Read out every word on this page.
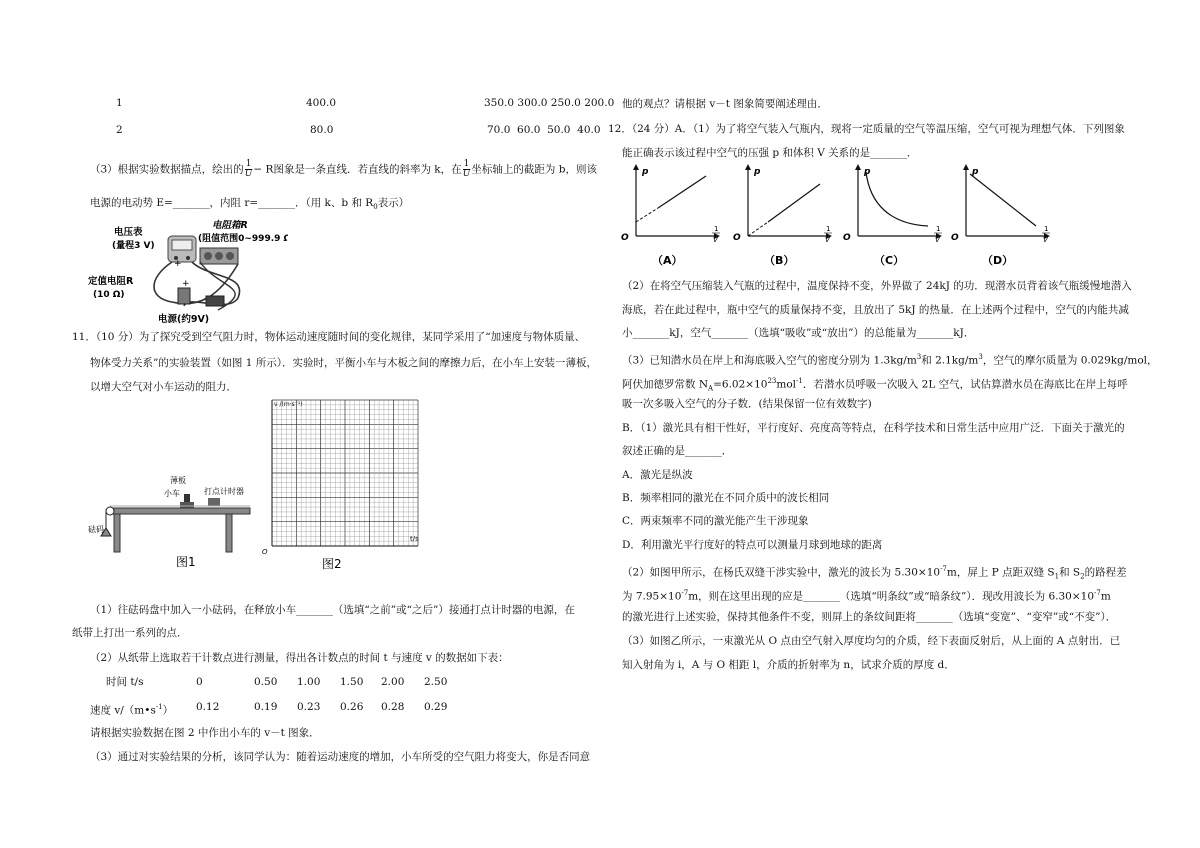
1	400.0	350.0 300.0 250.0 200.0
2	80.0	70.0  60.0  50.0  40.0
（3）根据实验数据描点，绘出的 $\frac{1}{U} - R$图象是一条直线．若直线的斜率为 k，在 $\frac{1}{U}$ 坐标轴上的截距为 b，则该
电源的电动势 E=_______，内阻 r=_______．（用 k、b 和 $R_0$表示）
电压表
(量程3 V)
电阻箱R
(阻值范围0~999.9 Ω)
定值电阻R
(10 Ω)
电源(约9V)
+
+
11．（10 分）为了探究受到空气阻力时，物体运动速度随时间的变化规律，某同学采用了“加速度与物体质量、
物体受力关系”的实验装置（如图 1 所示）．实验时，平衡小车与木板之间的摩擦力后，在小车上安装一薄板，
以增大空气对小车运动的阻力．
薄板
小车	打点计时器
砝码
图1
v /(m·s⁻¹)
t/s
O
图2
（1）往砝码盘中加入一小砝码，在释放小车_______（选填“之前”或“之后”）接通打点计时器的电源，在
纸带上打出一系列的点．
（2）从纸带上选取若干计数点进行测量，得出各计数点的时间 t 与速度 v 的数据如下表：
时间 t/s	0	0.50 1.00 1.50 2.00 2.50
速度 $v/(m•s^{-1})$ 0.12	0.19 0.23 0.26 0.28 0.29
请根据实验数据在图 2 中作出小车的 v－t 图象．
（3）通过对实验结果的分析，该同学认为：随着运动速度的增加，小车所受的空气阻力将变大，你是否同意
他的观点？请根据 v－t 图象简要阐述理由．
12．（24 分）A．（1）为了将空气装入气瓶内，现将一定质量的空气等温压缩，空气可视为理想气体．下列图象
能正确表示该过程中空气的压强 p 和体积 V 关系的是_______．
p
O
1
V
（A）
p
O
1
V
（B）
p
O
1
V
（C）
p
O
1
V
（D）
（2）在将空气压缩装入气瓶的过程中，温度保持不变，外界做了 24kJ 的功．现潜水员背着该气瓶缓慢地潜入
海底，若在此过程中，瓶中空气的质量保持不变，且放出了 5kJ 的热量．在上述两个过程中，空气的内能共减
小_______kJ，空气_______（选填“吸收”或“放出”）的总能量为_______kJ．
（3）已知潜水员在岸上和海底吸入空气的密度分别为 $1.3kg/m^3$和 $2.1kg/m^3$，空气的摩尔质量为 0.029kg/mol，
阿伏加德罗常数 $N_A=6.02\times 10^{23}mol^{-1}$．若潜水员呼吸一次吸入 2L 空气，试估算潜水员在海底比在岸上每呼
吸一次多吸入空气的分子数．(结果保留一位有效数字)
B．（1）激光具有相干性好，平行度好、亮度高等特点，在科学技术和日常生活中应用广泛．下面关于激光的
叙述正确的是_______．
A．激光是纵波
B．频率相同的激光在不同介质中的波长相同
C．两束频率不同的激光能产生干涉现象
D．利用激光平行度好的特点可以测量月球到地球的距离
（2）如图甲所示，在杨氏双缝干涉实验中，激光的波长为 $5.30\times 10^{-7}m$，屏上 P 点距双缝 $S_1$和 $S_2$的路程差
为 $7.95\times 10^{-7}m$，则在这里出现的应是_______（选填“明条纹”或“暗条纹”）．现改用波长为 $6.30\times 10^{-7}m$
的激光进行上述实验，保持其他条件不变，则屏上的条纹间距将_______（选填“变宽”、“变窄”或“不变”）．
（3）如图乙所示，一束激光从 O 点由空气射入厚度均匀的介质，经下表面反射后，从上面的 A 点射出．已
知入射角为 i，A 与 O 相距 l，介质的折射率为 n，试求介质的厚度 d．
